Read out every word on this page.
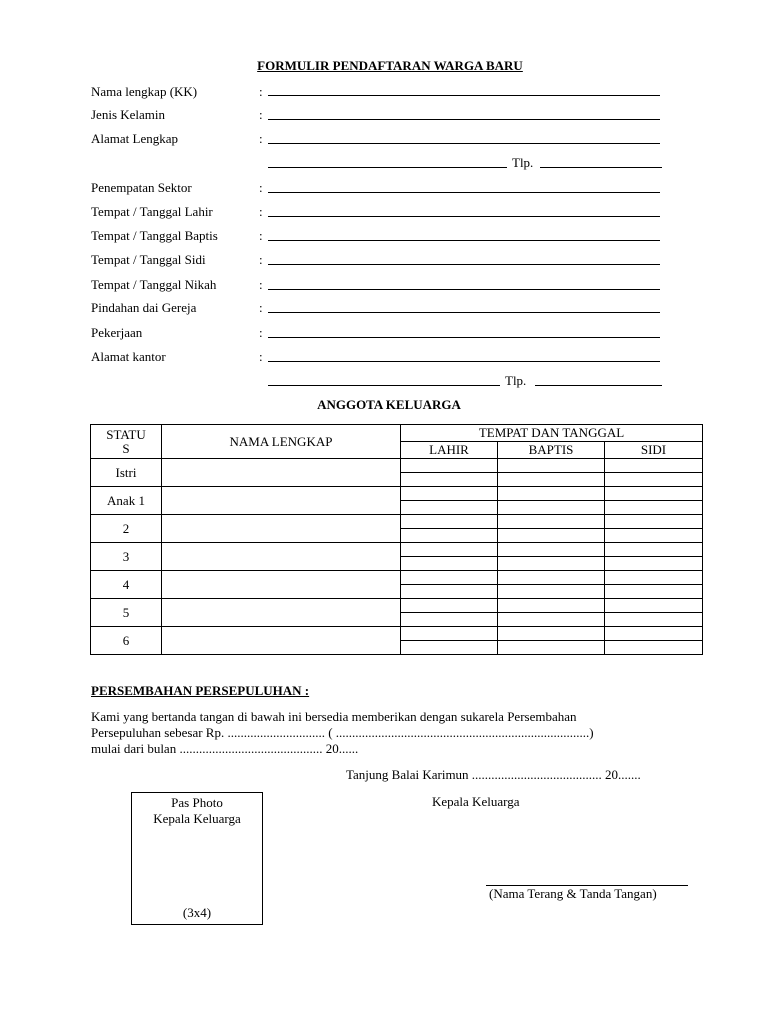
FORMULIR PENDAFTARAN WARGA BARU
Nama lengkap (KK)	:
Jenis Kelamin	:
Alamat Lengkap	:
Tlp.
Penempatan Sektor	:
Tempat / Tanggal Lahir	:
Tempat / Tanggal Baptis	:
Tempat / Tanggal Sidi	:
Tempat / Tanggal Nikah	:
Pindahan dai Gereja	:
Pekerjaan	:
Alamat kantor	:
Tlp.
ANGGOTA KELUARGA
STATU
S	NAMA LENGKAP	TEMPAT DAN TANGGAL		
		LAHIR	BAPTIS	SIDI
Istri				

Anak 1				

2				

3				

4				

5				

6				

PERSEMBAHAN PERSEPULUHAN :
Kami yang bertanda tangan di bawah ini bersedia memberikan dengan sukarela Persembahan
Persepuluhan sebesar Rp. .............................. ( ..............................................................................)
mulai dari bulan ............................................ 20......
Tanjung Balai Karimun ........................................ 20.......
Pas Photo
Kepala Keluarga
(3x4)
Kepala Keluarga
(Nama Terang & Tanda Tangan)
